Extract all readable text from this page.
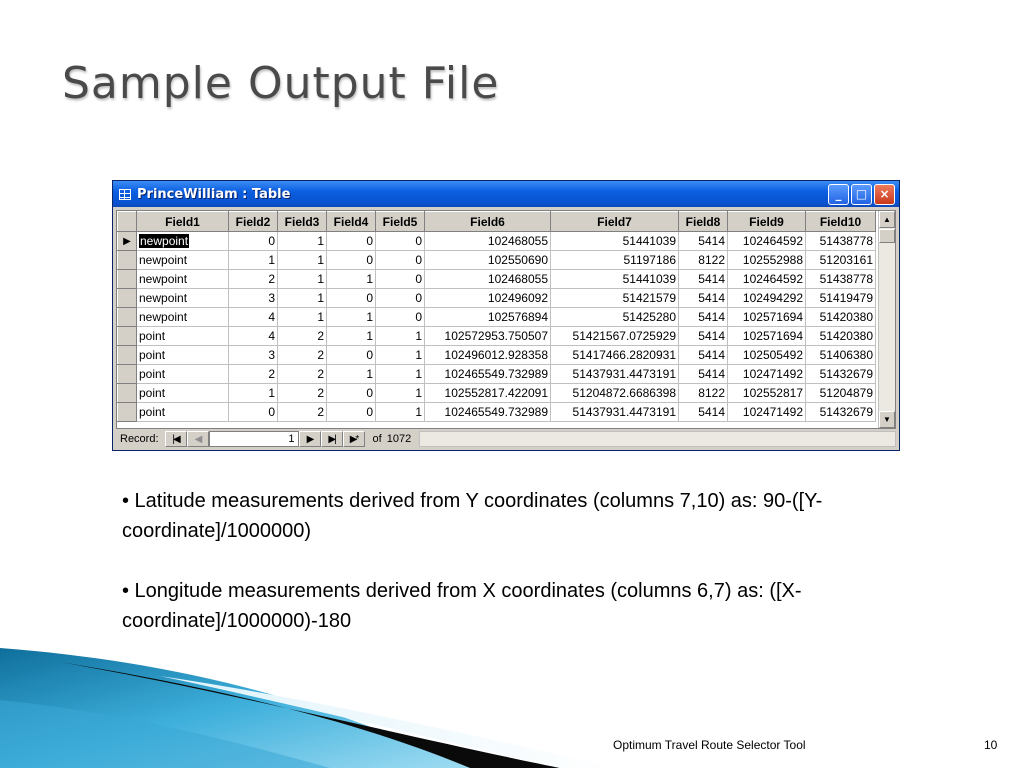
Sample Output File
PrinceWilliam : Table	_	□	×
	Field1	Field2	Field3	Field4	Field5	Field6	Field7	Field8	Field9	Field10
▶	newpoint	0	1	0	0	102468055	51441039	5414	102464592	51438778
	newpoint	1	1	0	0	102550690	51197186	8122	102552988	51203161
	newpoint	2	1	1	0	102468055	51441039	5414	102464592	51438778
	newpoint	3	1	0	0	102496092	51421579	5414	102494292	51419479
	newpoint	4	1	1	0	102576894	51425280	5414	102571694	51420380
	point	4	2	1	1	102572953.750507	51421567.0725929	5414	102571694	51420380
	point	3	2	0	1	102496012.928358	51417466.2820931	5414	102505492	51406380
	point	2	2	1	1	102465549.732989	51437931.4473191	5414	102471492	51432679
	point	1	2	0	1	102552817.422091	51204872.6686398	8122	102552817	51204879
	point	0	2	0	1	102465549.732989	51437931.4473191	5414	102471492	51432679
▲
▼
Record:	|◀	◀	1	▶	▶|	▶*	of 1072

• Latitude measurements derived from Y coordinates (columns 7,10) as: 90-([Y-coordinate]/1000000)

• Longitude measurements derived from X coordinates (columns 6,7) as: ([X-coordinate]/1000000)-180

Optimum Travel Route Selector Tool	10
